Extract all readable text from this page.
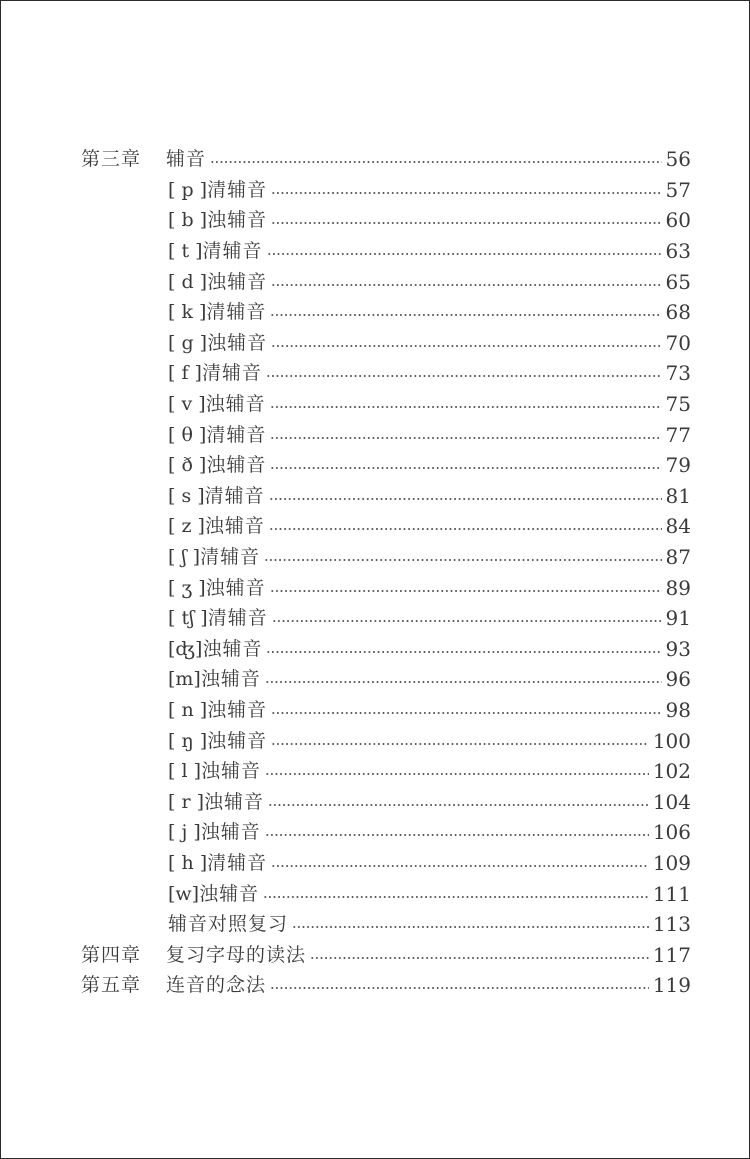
第三章 辅音	56
[ p ] 清辅音	57
[ b ] 浊辅音	60
[ t ] 清辅音	63
[ d ] 浊辅音	65
[ k ] 清辅音	68
[ g ] 浊辅音	70
[ f ] 清辅音	73
[ v ] 浊辅音	75
[ θ ] 清辅音	77
[ ð ] 浊辅音	79
[ s ] 清辅音	81
[ z ] 浊辅音	84
[ ʃ ] 清辅音	87
[ ʒ ] 浊辅音	89
[ tʃ ] 清辅音	91
[ʤ] 浊辅音	93
[m] 浊辅音	96
[ n ] 浊辅音	98
[ ŋ ] 浊辅音	100
[ l ] 浊辅音	102
[ r ] 浊辅音	104
[ j ] 浊辅音	106
[ h ] 清辅音	109
[w] 浊辅音	111
辅音对照复习	113
第四章 复习字母的读法	117
第五章 连音的念法	119
